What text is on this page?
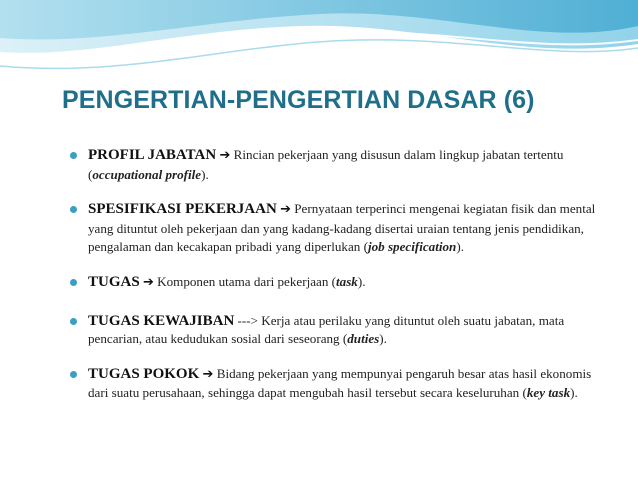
PENGERTIAN-PENGERTIAN DASAR (6)
PROFIL JABATAN ➔ Rincian pekerjaan yang disusun dalam lingkup jabatan tertentu (occupational profile).
SPESIFIKASI PEKERJAAN ➔ Pernyataan terperinci mengenai kegiatan fisik dan mental yang dituntut oleh pekerjaan dan yang kadang-kadang disertai uraian tentang jenis pendidikan, pengalaman dan kecakapan pribadi yang diperlukan (job specification).
TUGAS ➔ Komponen utama dari pekerjaan (task).
TUGAS KEWAJIBAN ---> Kerja atau perilaku yang dituntut oleh suatu jabatan, mata pencarian, atau kedudukan sosial dari seseorang (duties).
TUGAS POKOK ➔ Bidang pekerjaan yang mempunyai pengaruh besar atas hasil ekonomis dari suatu perusahaan, sehingga dapat mengubah hasil tersebut secara keseluruhan (key task).
